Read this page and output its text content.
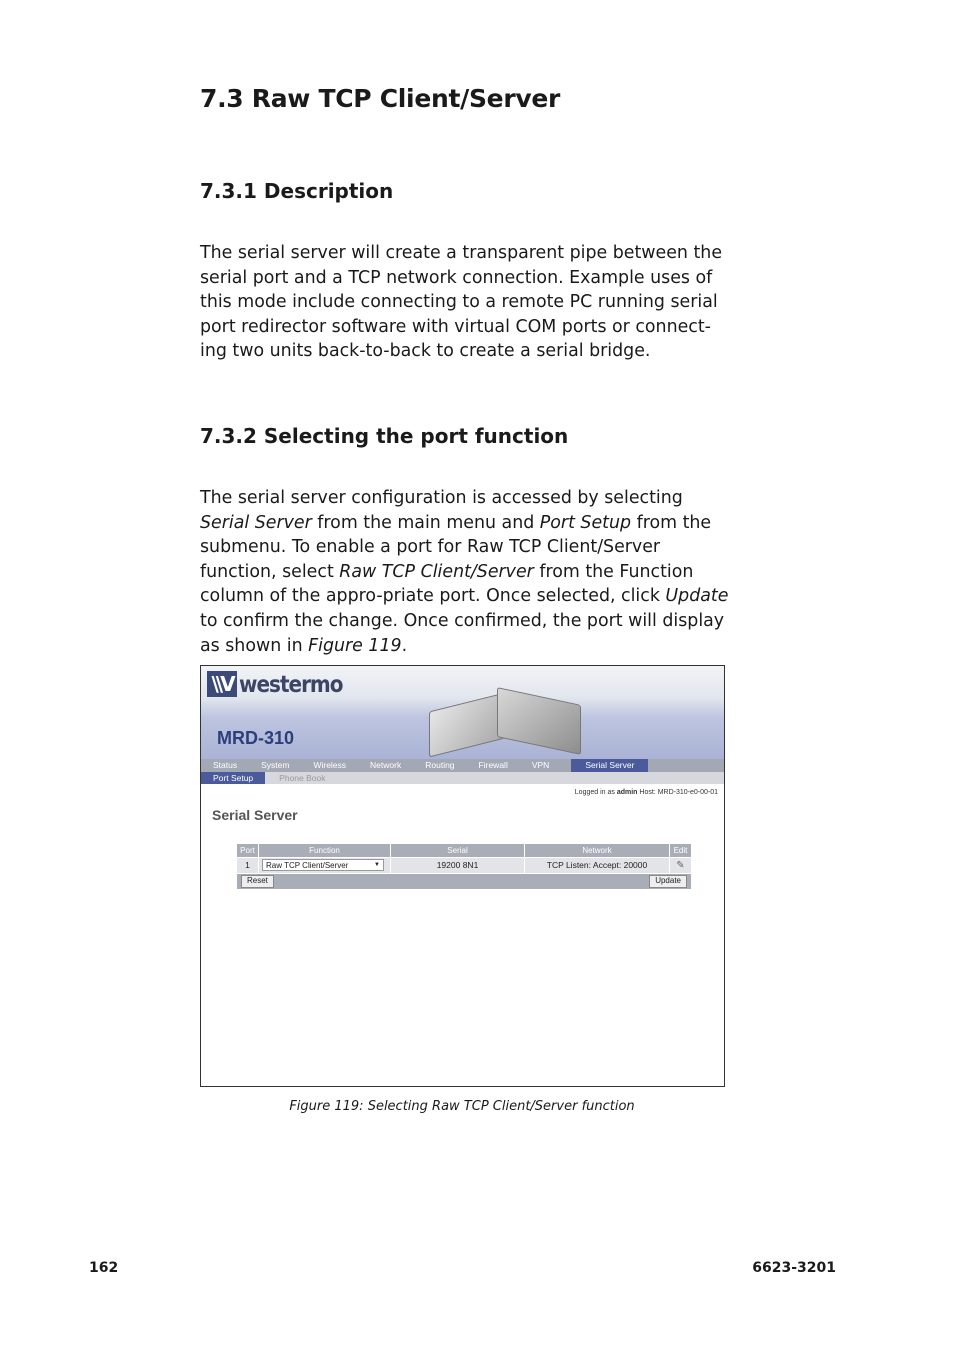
7.3 Raw TCP Client/Server
7.3.1 Description
The serial server will create a transparent pipe between the serial port and a TCP network connection. Example uses of this mode include connecting to a remote PC running serial port redirector software with virtual COM ports or connect-ing two units back-to-back to create a serial bridge.
7.3.2 Selecting the port function
The serial server configuration is accessed by selecting Serial Server from the main menu and Port Setup from the submenu. To enable a port for Raw TCP Client/Server function, select Raw TCP Client/Server from the Function column of the appro-priate port. Once selected, click Update to confirm the change. Once confirmed, the port will display as shown in Figure 119.
\\V westermo
MRD-310
Status	System	Wireless	Network	Routing	Firewall	VPN	Serial Server
Port Setup	Phone Book
Logged in as admin Host: MRD-310-e0-00-01
Serial Server
Port	Function	Serial	Network	Edit
1	Raw TCP Client/Server	▼	19200 8N1	TCP Listen: Accept: 20000	✎
Reset	Update
Figure 119: Selecting Raw TCP Client/Server function
162	6623-3201
